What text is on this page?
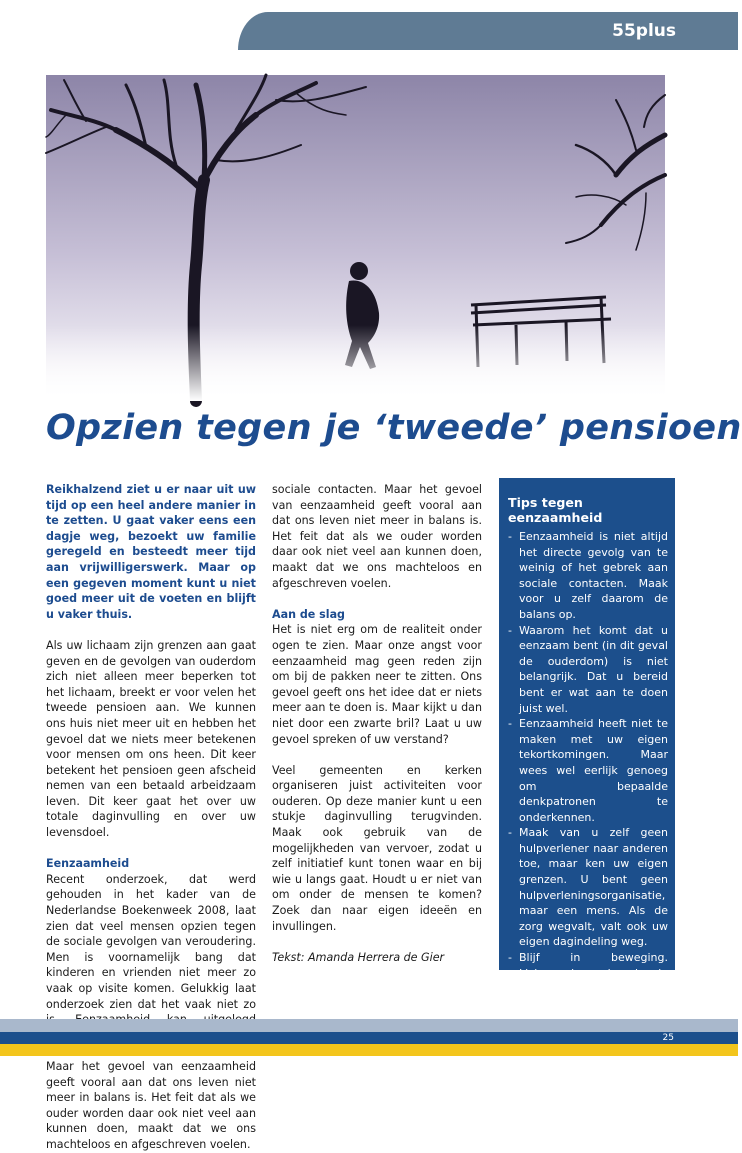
55plus
Opzien tegen je ‘tweede’ pensioen

Reikhalzend ziet u er naar uit uw tijd op een heel andere manier in te zetten. U gaat vaker eens een dagje weg, bezoekt uw familie geregeld en besteedt meer tijd aan vrijwilligerswerk. Maar op een gegeven moment kunt u niet goed meer uit de voeten en blijft u vaker thuis.

Als uw lichaam zijn grenzen aan gaat geven en de gevolgen van ouderdom zich niet alleen meer beperken tot het lichaam, breekt er voor velen het tweede pensioen aan. We kunnen ons huis niet meer uit en hebben het gevoel dat we niets meer betekenen voor mensen om ons heen. Dit keer betekent het pensioen geen afscheid nemen van een betaald arbeidzaam leven. Dit keer gaat het over uw totale daginvulling en over uw levensdoel.

Eenzaamheid

Recent onderzoek, dat werd gehouden in het kader van de Nederlandse Boekenweek 2008, laat zien dat veel mensen opzien tegen de sociale gevolgen van veroudering. Men is voornamelijk bang dat kinderen en vrienden niet meer zo vaak op visite komen. Gelukkig laat onderzoek zien dat het vaak niet zo Maar het gevoel van eenzaamheid geeft vooral aan dat ons leven niet meer in balans is. Het feit dat als we ouder worden daar ook niet veel aan kunnen doen, maakt dat we ons machteloos en afgeschreven voelen.

sociale contacten. Maar het gevoel van eenzaamheid geeft vooral aan dat ons leven niet meer in balans is. Het feit dat als we ouder worden daar ook niet veel aan kunnen doen, maakt dat we ons machteloos en afgeschreven voelen.

Aan de slag

Het is niet erg om de realiteit onder ogen te zien. Maar onze angst voor eenzaamheid mag geen reden zijn om bij de pakken neer te zitten. Ons gevoel geeft ons het idee dat er niets meer aan te doen is. Maar kijkt u dan niet door een zwarte bril? Laat u uw gevoel spreken of uw verstand?

Veel gemeenten en kerken organiseren juist activiteiten voor ouderen. Op deze manier kunt u een stukje daginvulling terugvinden. Maak ook gebruik van de mogelijkheden van vervoer, zodat u zelf initiatief kunt tonen waar en bij wie u langs gaat. Houdt u er niet van om onder de mensen te komen? Zoek dan naar eigen ideeën en invullingen.

Tekst: Amanda Herrera de Gier

Tips tegen eenzaamheid

- Eenzaamheid is niet altijd het directe gevolg van te weinig of het gebrek aan sociale contacten. Maak voor u zelf daarom de balans op.
- Waarom het komt dat u eenzaam bent (in dit geval de ouderdom) is niet belangrijk. Dat u bereid bent er wat aan te doen juist wel.
- Eenzaamheid heeft niet te maken met uw eigen tekortkomingen. Maar wees wel eerlijk genoeg om bepaalde denkpatronen te onderkennen.
- Maak van u zelf geen hulpverlener naar anderen toe, maar ken uw eigen grenzen. U bent geen hulpverleningsorganisatie, maar een mens. Als de zorg wegvalt, valt ook uw eigen dagindeling weg.
- Blijf in beweging. Lichaamsbeweging is de snelste manier om je goed te voelen.
25
